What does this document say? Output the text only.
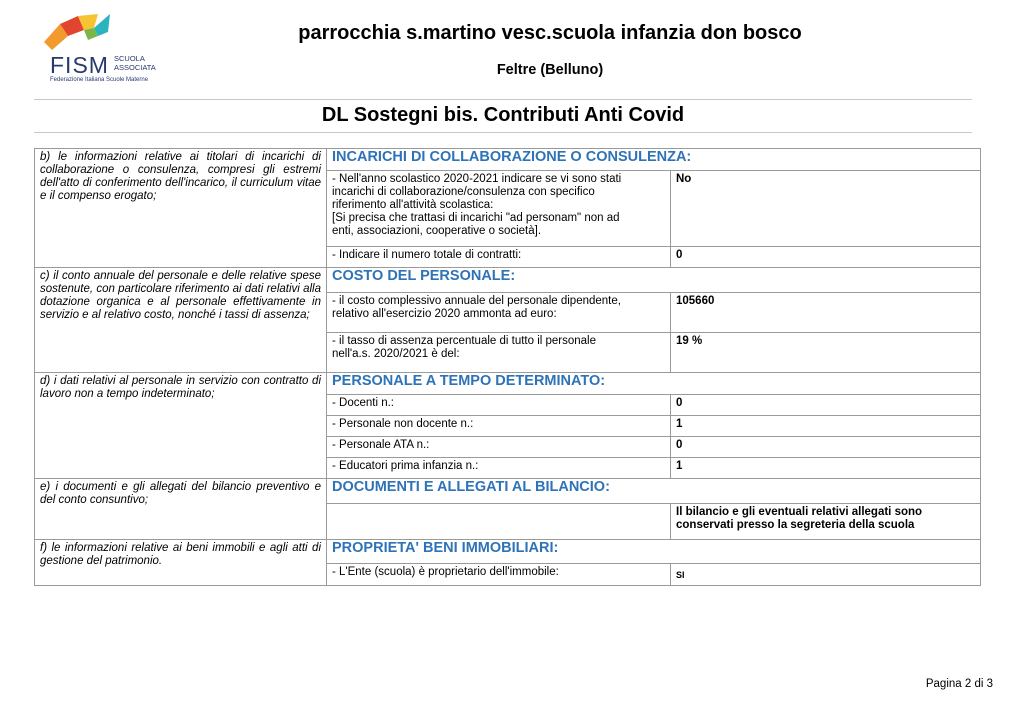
FISM SCUOLA
ASSOCIATA
Federazione Italiana Scuole Materne
parrocchia s.martino vesc.scuola infanzia don bosco
Feltre (Belluno)
DL Sostegni bis. Contributi Anti Covid
b) le informazioni relative ai titolari di incarichi di collaborazione o consulenza, compresi gli estremi dell'atto di conferimento dell'incarico, il curriculum vitae e il compenso erogato;	INCARICHI DI COLLABORAZIONE O CONSULENZA:	

	- Nell'anno scolastico 2020-2021 indicare se vi sono stati
incarichi di collaborazione/consulenza con specifico
riferimento all'attività scolastica:
[Si precisa che trattasi di incarichi "ad personam" non ad
enti, associazioni, cooperative o società].	No

	- Indicare il numero totale di contratti:	0
c) il conto annuale del personale e delle relative spese sostenute, con particolare riferimento ai dati relativi alla dotazione organica e al personale effettivamente in servizio e al relativo costo, nonché i tassi di assenza;	COSTO DEL PERSONALE:	

	- il costo complessivo annuale del personale dipendente,
relativo all'esercizio 2020 ammonta ad euro:	105660

	- il tasso di assenza percentuale di tutto il personale
nell'a.s. 2020/2021 è del:	19 %
d) i dati relativi al personale in servizio con contratto di lavoro non a tempo indeterminato;	PERSONALE A TEMPO DETERMINATO:	

	- Docenti n.:	0

	- Personale non docente n.:	1

	- Personale ATA n.:	0

	- Educatori prima infanzia n.:	1
e) i documenti e gli allegati del bilancio preventivo e del conto consuntivo;	DOCUMENTI E ALLEGATI AL BILANCIO:	

		Il bilancio e gli eventuali relativi allegati sono
conservati presso la segreteria della scuola

f) le informazioni relative ai beni immobili e agli atti di gestione del patrimonio.	PROPRIETA' BENI IMMOBILIARI:	

	- L'Ente (scuola) è proprietario dell'immobile:	$_{SI}$
Pagina 2 di 3
